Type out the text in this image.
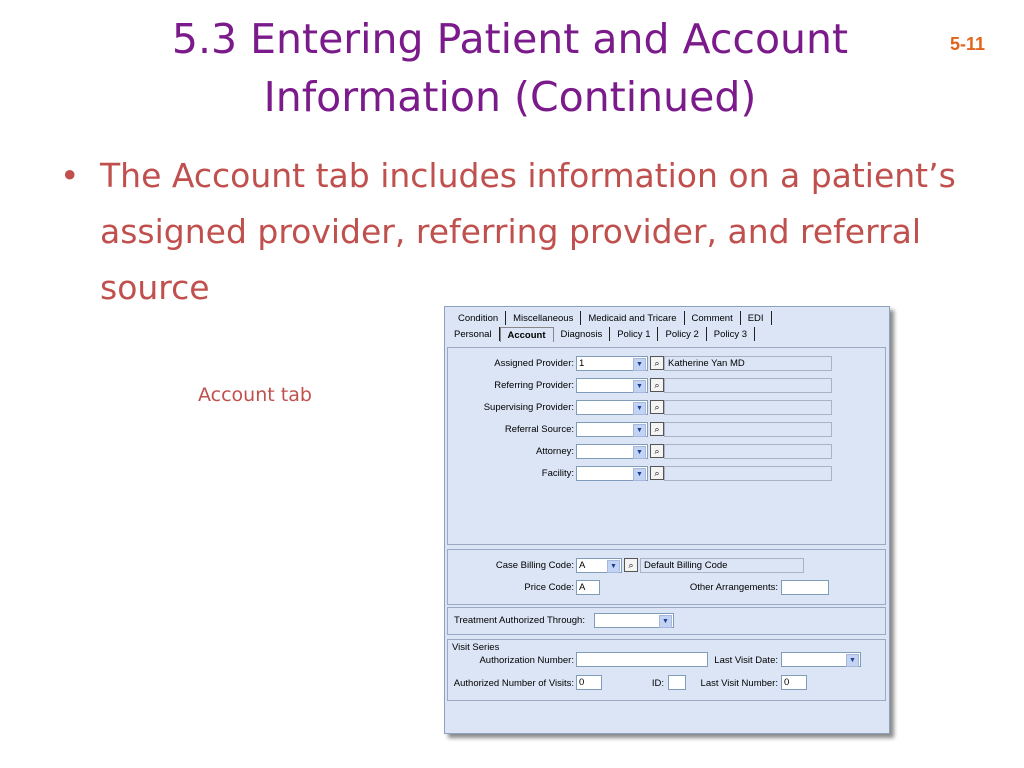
5.3 Entering Patient and Account
Information (Continued)
5-11
• The Account tab includes information on a patient’s assigned provider, referring provider, and referral source
Account tab
Condition	Miscellaneous	Medicaid and Tricare	Comment	EDI
Personal	Account	Diagnosis	Policy 1	Policy 2	Policy 3
Assigned Provider: 1	▼	⌕ Katherine Yan MD
Referring Provider:	▼	⌕
Supervising Provider:	▼	⌕
Referral Source:	▼	⌕
Attorney:	▼	⌕
Facility:	▼	⌕
Case Billing Code: A	▼	⌕	Default Billing Code
Price Code: A	Other Arrangements:
Treatment Authorized Through:	▼
Visit Series
Authorization Number:	Last Visit Date:	▼
Authorized Number of Visits: 0	ID:	Last Visit Number: 0
